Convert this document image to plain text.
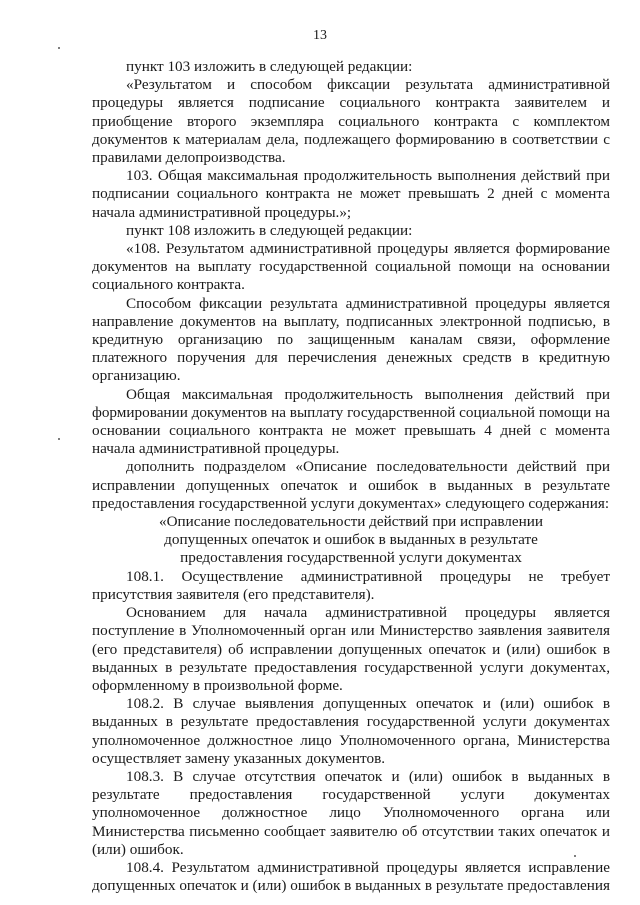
13

пункт 103 изложить в следующей редакции:

«Результатом и способом фиксации результата административной процедуры является подписание социального контракта заявителем и приобщение второго экземпляра социального контракта с комплектом документов к материалам дела, подлежащего формированию в соответствии с правилами делопроизводства.

103. Общая максимальная продолжительность выполнения действий при подписании социального контракта не может превышать 2 дней с момента начала административной процедуры.»;

пункт 108 изложить в следующей редакции:

«108. Результатом административной процедуры является формирование документов на выплату государственной социальной помощи на основании социального контракта.

Способом фиксации результата административной процедуры является направление документов на выплату, подписанных электронной подписью, в кредитную организацию по защищенным каналам связи, оформление платежного поручения для перечисления денежных средств в кредитную организацию.

Общая максимальная продолжительность выполнения действий при формировании документов на выплату государственной социальной помощи на основании социального контракта не может превышать 4 дней с момента начала административной процедуры.

дополнить подразделом «Описание последовательности действий при исправлении допущенных опечаток и ошибок в выданных в результате предоставления государственной услуги документах» следующего содержания:

«Описание последовательности действий при исправлении

допущенных опечаток и ошибок в выданных в результате

предоставления государственной услуги документах

108.1. Осуществление административной процедуры не требует присутствия заявителя (его представителя).

Основанием для начала административной процедуры является поступление в Уполномоченный орган или Министерство заявления заявителя (его представителя) об исправлении допущенных опечаток и (или) ошибок в выданных в результате предоставления государственной услуги документах, оформленному в произвольной форме.

108.2. В случае выявления допущенных опечаток и (или) ошибок в выданных в результате предоставления государственной услуги документах уполномоченное должностное лицо Уполномоченного органа, Министерства осуществляет замену указанных документов.

108.3. В случае отсутствия опечаток и (или) ошибок в выданных в результате предоставления государственной услуги документах уполномоченное должностное лицо Уполномоченного органа или Министерства письменно сообщает заявителю об отсутствии таких опечаток и (или) ошибок.

108.4. Результатом административной процедуры является исправление допущенных опечаток и (или) ошибок в выданных в результате предоставления
